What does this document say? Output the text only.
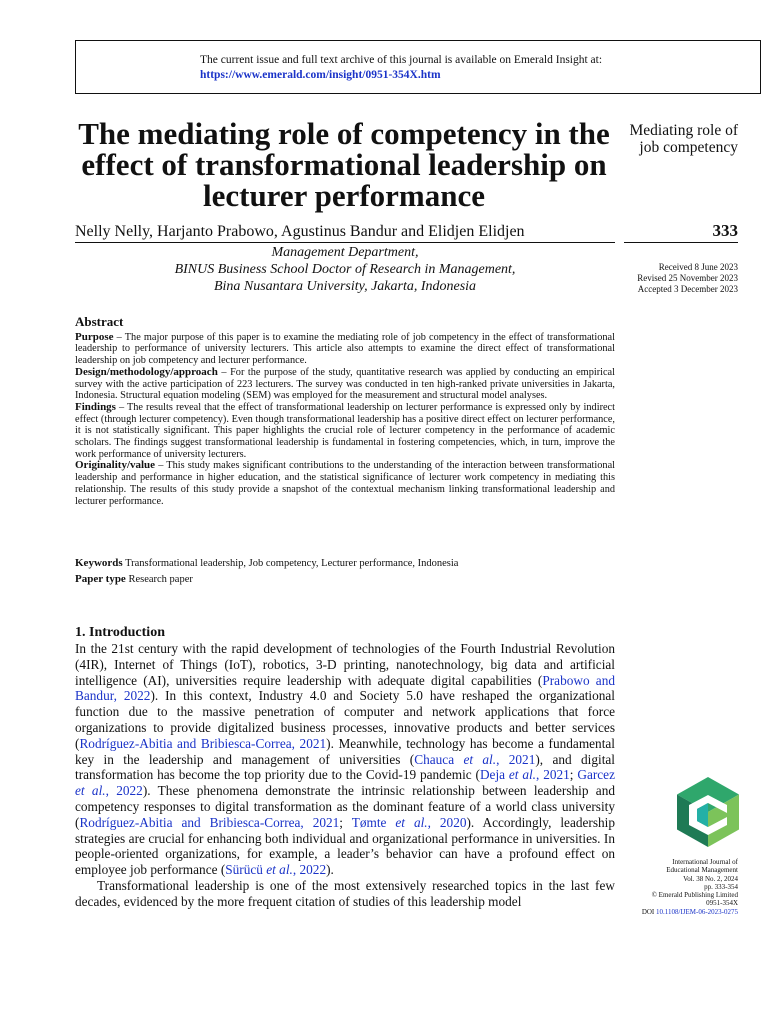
The current issue and full text archive of this journal is available on Emerald Insight at:
https://www.emerald.com/insight/0951-354X.htm
The mediating role of competency in the effect of transformational leadership on lecturer performance
Mediating role of job competency
Nelly Nelly, Harjanto Prabowo, Agustinus Bandur and Elidjen Elidjen	333
Management Department,
BINUS Business School Doctor of Research in Management,
Bina Nusantara University, Jakarta, Indonesia
Received 8 June 2023
Revised 25 November 2023
Accepted 3 December 2023
Abstract

Purpose – The major purpose of this paper is to examine the mediating role of job competency in the effect of transformational leadership to performance of university lecturers. This article also attempts to examine the direct effect of transformational leadership on job competency and lecturer performance.

Design/methodology/approach – For the purpose of the study, quantitative research was applied by conducting an empirical survey with the active participation of 223 lecturers. The survey was conducted in ten high-ranked private universities in Jakarta, Indonesia. Structural equation modeling (SEM) was employed for the measurement and structural model analyses.

Findings – The results reveal that the effect of transformational leadership on lecturer performance is expressed only by indirect effect (through lecturer competency). Even though transformational leadership has a positive direct effect on lecturer performance, it is not statistically significant. This paper highlights the crucial role of lecturer competency in the performance of academic scholars. The findings suggest transformational leadership is fundamental in fostering competencies, which, in turn, improve the work performance of university lecturers.

Originality/value – This study makes significant contributions to the understanding of the interaction between transformational leadership and performance in higher education, and the statistical significance of lecturer work competency in mediating this relationship. The results of this study provide a snapshot of the contextual mechanism linking transformational leadership and lecturer performance.

Keywords Transformational leadership, Job competency, Lecturer performance, Indonesia
Paper type Research paper
1. Introduction

In the 21st century with the rapid development of technologies of the Fourth Industrial Revolution (4IR), Internet of Things (IoT), robotics, 3-D printing, nanotechnology, big data and artificial intelligence (AI), universities require leadership with adequate digital capabilities (Prabowo and Bandur, 2022). In this context, Industry 4.0 and Society 5.0 have reshaped the organizational function due to the massive penetration of computer and network applications that force organizations to provide digitalized business processes, innovative products and better services (Rodríguez-Abitia and Bribiesca-Correa, 2021). Meanwhile, technology has become a fundamental key in the leadership and management of universities (Chauca et al., 2021), and digital transformation has become the top priority due to the Covid-19 pandemic (Deja et al., 2021; Garcez et al., 2022). These phenomena demonstrate the intrinsic relationship between leadership and competency responses to digital transformation as the dominant feature of a world class university (Rodríguez-Abitia and Bribiesca-Correa, 2021; Tømte et al., 2020). Accordingly, leadership strategies are crucial for enhancing both individual and organizational performance in universities. In people-oriented organizations, for example, a leader’s behavior can have a profound effect on employee job performance (Sürücü et al., 2022).

Transformational leadership is one of the most extensively researched topics in the last few decades, evidenced by the more frequent citation of studies of this leadership model

International Journal of
Educational Management
Vol. 38 No. 2, 2024
pp. 333-354
© Emerald Publishing Limited
0951-354X
DOI 10.1108/IJEM-06-2023-0275
